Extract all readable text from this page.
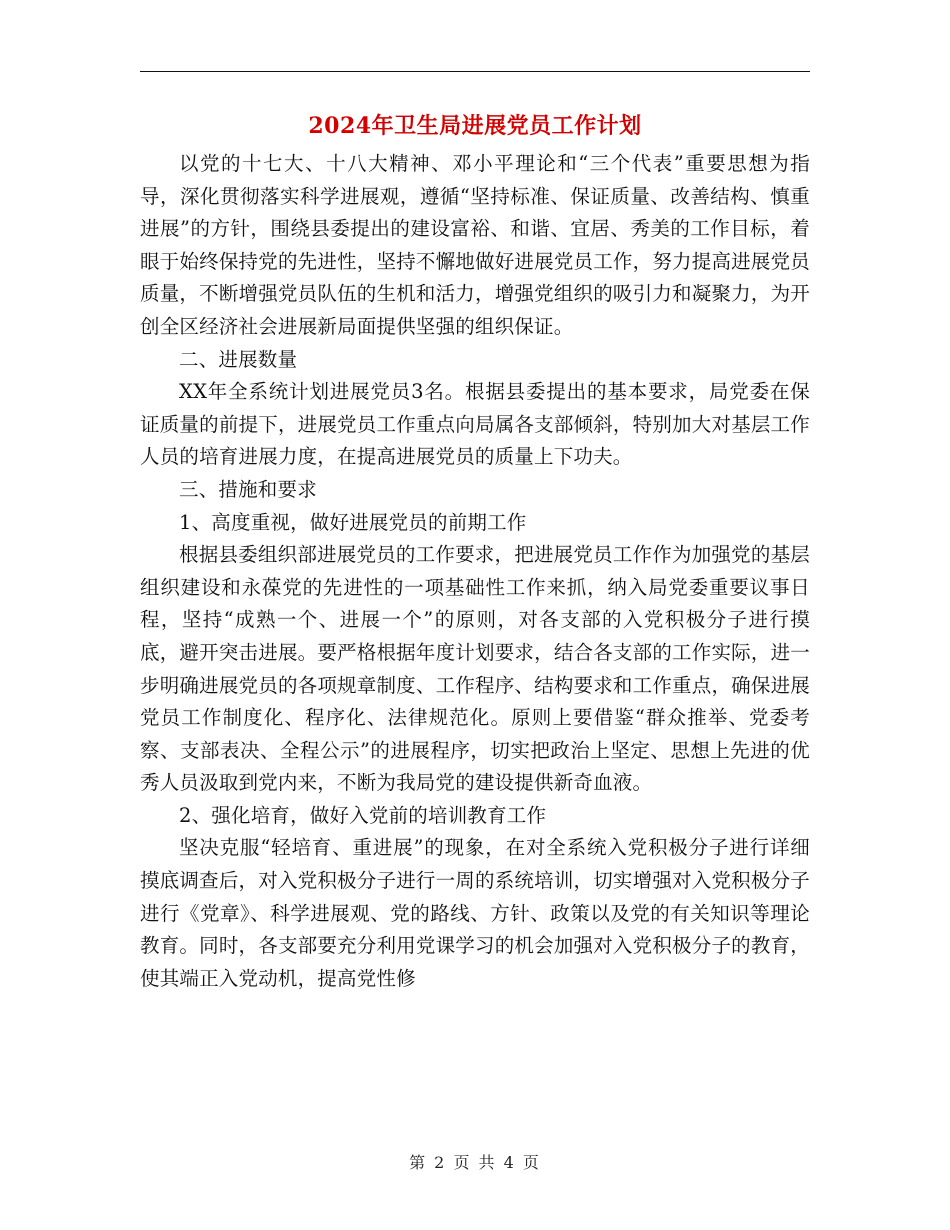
2024年卫生局进展党员工作计划

以党的十七大、十八大精神、邓小平理论和“三个代表”重要思想为指导，深化贯彻落实科学进展观，遵循“坚持标准、保证质量、改善结构、慎重进展”的方针，围绕县委提出的建设富裕、和谐、宜居、秀美的工作目标，着眼于始终保持党的先进性，坚持不懈地做好进展党员工作，努力提高进展党员质量，不断增强党员队伍的生机和活力，增强党组织的吸引力和凝聚力，为开创全区经济社会进展新局面提供坚强的组织保证。

二、进展数量

XX年全系统计划进展党员3名。根据县委提出的基本要求，局党委在保证质量的前提下，进展党员工作重点向局属各支部倾斜，特别加大对基层工作人员的培育进展力度，在提高进展党员的质量上下功夫。

三、措施和要求

1、高度重视，做好进展党员的前期工作

根据县委组织部进展党员的工作要求，把进展党员工作作为加强党的基层组织建设和永葆党的先进性的一项基础性工作来抓，纳入局党委重要议事日程，坚持“成熟一个、进展一个”的原则，对各支部的入党积极分子进行摸底，避开突击进展。要严格根据年度计划要求，结合各支部的工作实际，进一步明确进展党员的各项规章制度、工作程序、结构要求和工作重点，确保进展党员工作制度化、程序化、法律规范化。原则上要借鉴“群众推举、党委考察、支部表决、全程公示”的进展程序，切实把政治上坚定、思想上先进的优秀人员汲取到党内来，不断为我局党的建设提供新奇血液。

2、强化培育，做好入党前的培训教育工作

坚决克服“轻培育、重进展”的现象，在对全系统入党积极分子进行详细摸底调查后，对入党积极分子进行一周的系统培训，切实增强对入党积极分子进行《党章》、科学进展观、党的路线、方针、政策以及党的有关知识等理论教育。同时，各支部要充分利用党课学习的机会加强对入党积极分子的教育，使其端正入党动机，提高党性修

第 2 页 共 4 页
